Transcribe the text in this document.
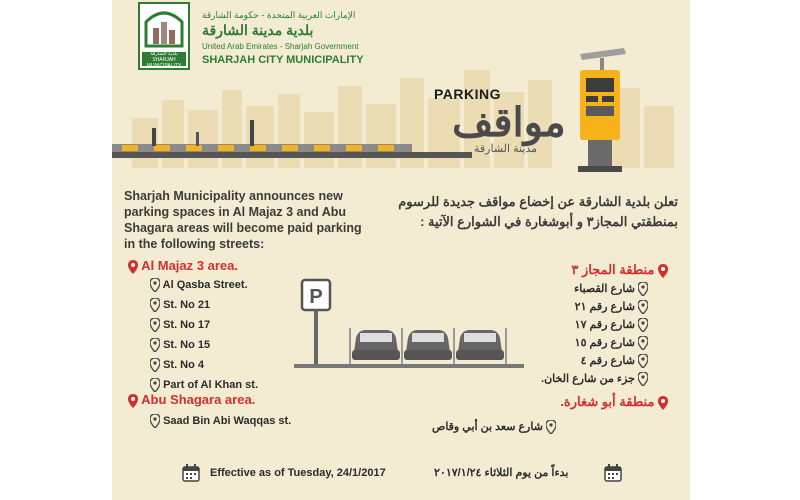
بلدية الشارقة
SHARJAH MUNICIPALITY
الإمارات العربية المتحدة - حكومة الشارقة
بلدية مدينة الشارقة
United Arab Emirates - Sharjah Government
SHARJAH CITY MUNICIPALITY
PARKING
مواقف
مدينة الشارقة
Sharjah Municipality announces new parking spaces in Al Majaz 3 and Abu Shagara areas will become paid parking in the following streets:
تعلن بلدية الشارقة عن إخضاع مواقف جديدة للرسوم بمنطقتي المجاز٣ و أبوشغارة في الشوارع الآتية :
Al Majaz 3 area.
Al Qasba Street.
St. No 21
St. No 17
St. No 15
St. No 4
Part of Al Khan st.
Abu Shagara area.
Saad Bin Abi Waqqas st.
P
منطقة المجاز ٣
شارع القصباء
شارع رقم ٢١
شارع رقم ١٧
شارع رقم ١٥
شارع رقم ٤
جزء من شارع الخان.
منطقة أبو شغارة.
شارع سعد بن أبي وقاص
Effective as of Tuesday, 24/1/2017	بدءاً من يوم الثلاثاء ٢٠١٧/١/٢٤
